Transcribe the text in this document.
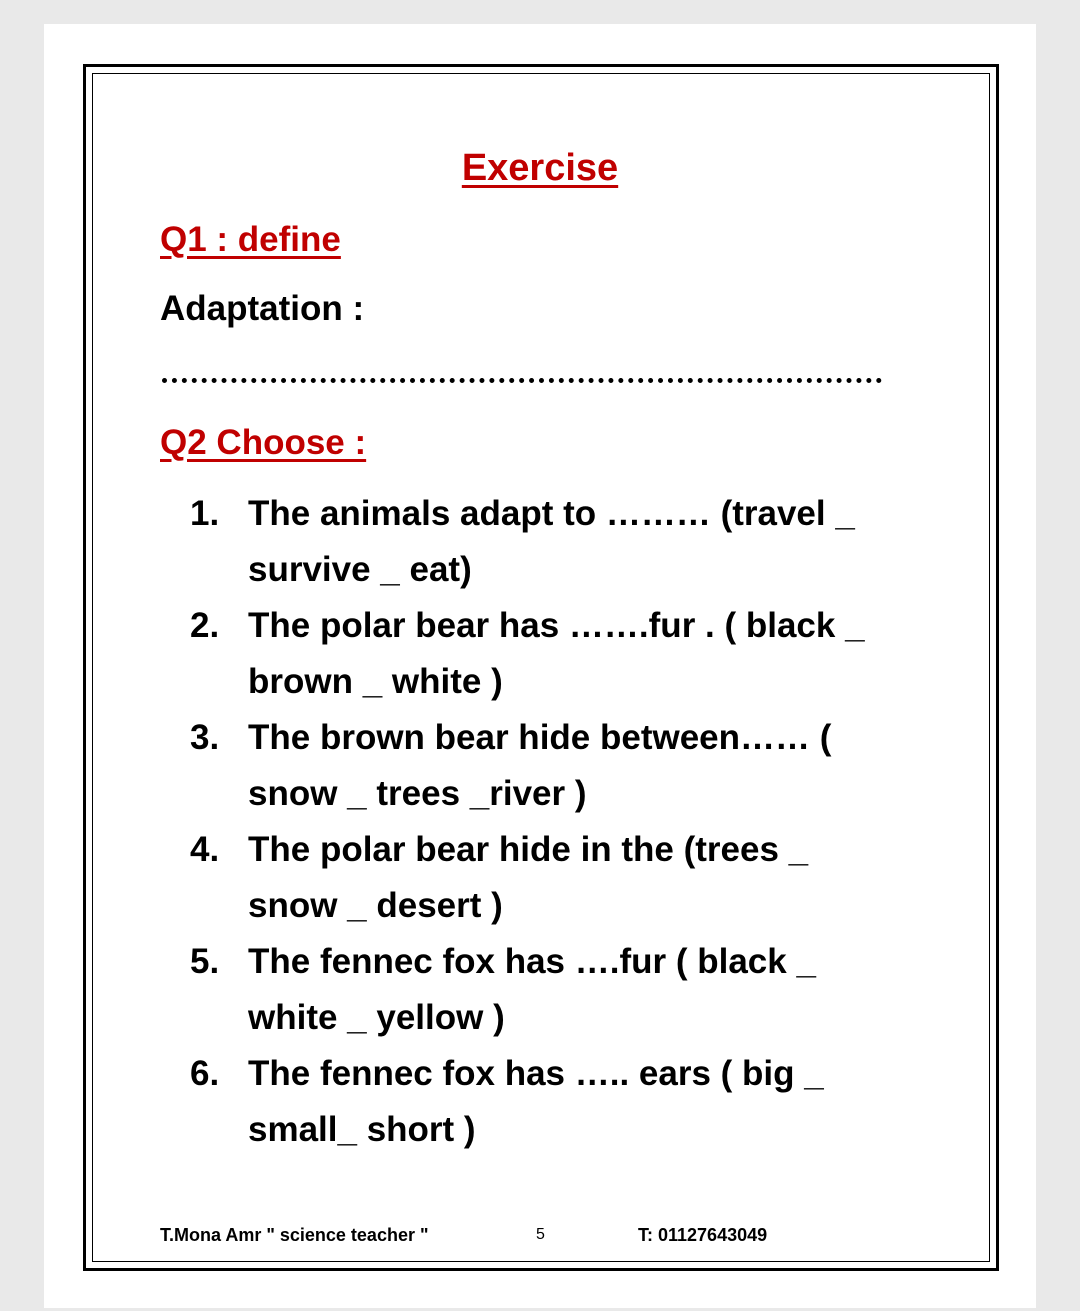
Exercise

Q1 : define

Adaptation :

Q2 Choose :

1. The animals adapt to ……… (travel _ survive _ eat)
2. The polar bear has …….fur . ( black _ brown _ white )
3. The brown bear hide between…… ( snow _ trees _river )
4. The polar bear hide in the (trees _ snow _ desert )
5. The fennec fox has ….fur ( black _ white _ yellow )
6. The fennec fox has ….. ears ( big _ small_ short )

T.Mona Amr " science teacher "	5	T: 01127643049
